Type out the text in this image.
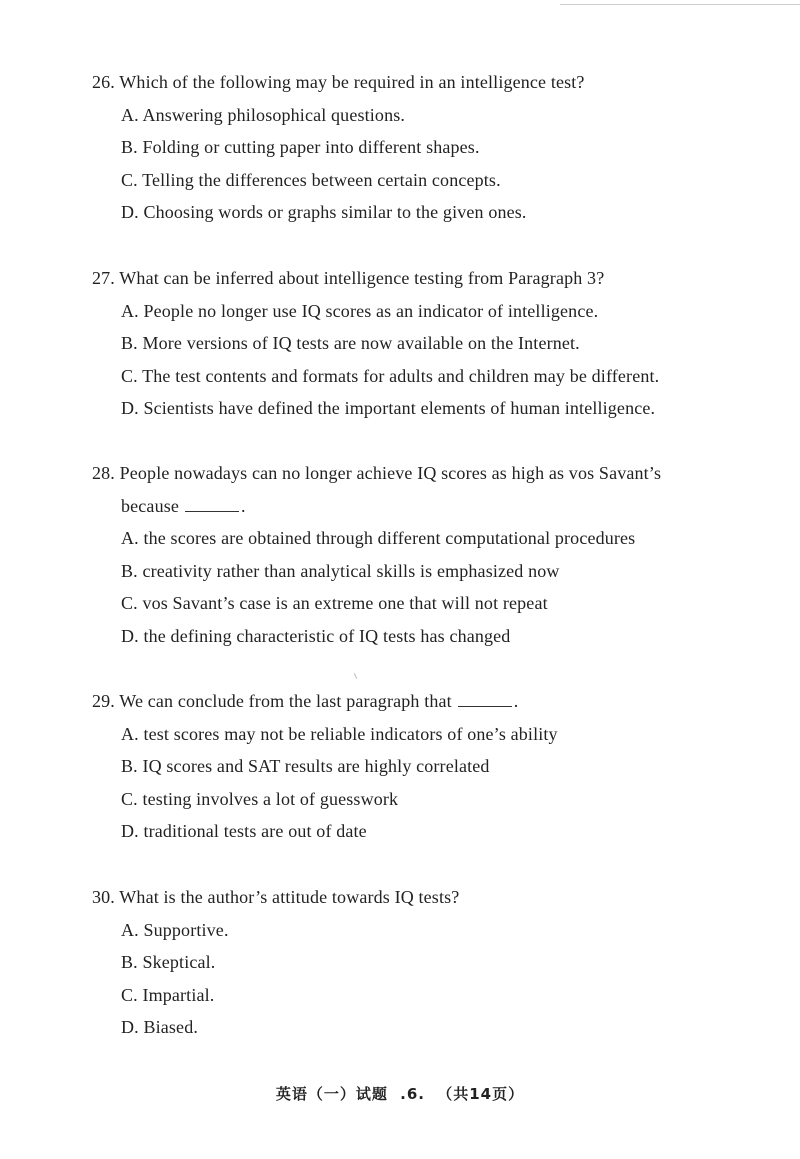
26. Which of the following may be required in an intelligence test?
A. Answering philosophical questions.
B. Folding or cutting paper into different shapes.
C. Telling the differences between certain concepts.
D. Choosing words or graphs similar to the given ones.
27. What can be inferred about intelligence testing from Paragraph 3?
A. People no longer use IQ scores as an indicator of intelligence.
B. More versions of IQ tests are now available on the Internet.
C. The test contents and formats for adults and children may be different.
D. Scientists have defined the important elements of human intelligence.
28. People nowadays can no longer achieve IQ scores as high as vos Savant’s
because	.
A. the scores are obtained through different computational procedures
B. creativity rather than analytical skills is emphasized now
C. vos Savant’s case is an extreme one that will not repeat
D. the defining characteristic of IQ tests has changed
29. We can conclude from the last paragraph that	.
A. test scores may not be reliable indicators of one’s ability
B. IQ scores and SAT results are highly correlated
C. testing involves a lot of guesswork
D. traditional tests are out of date
30. What is the author’s attitude towards IQ tests?
A. Supportive.
B. Skeptical.
C. Impartial.
D. Biased.
英语（一）试题 .6. （共14页）
